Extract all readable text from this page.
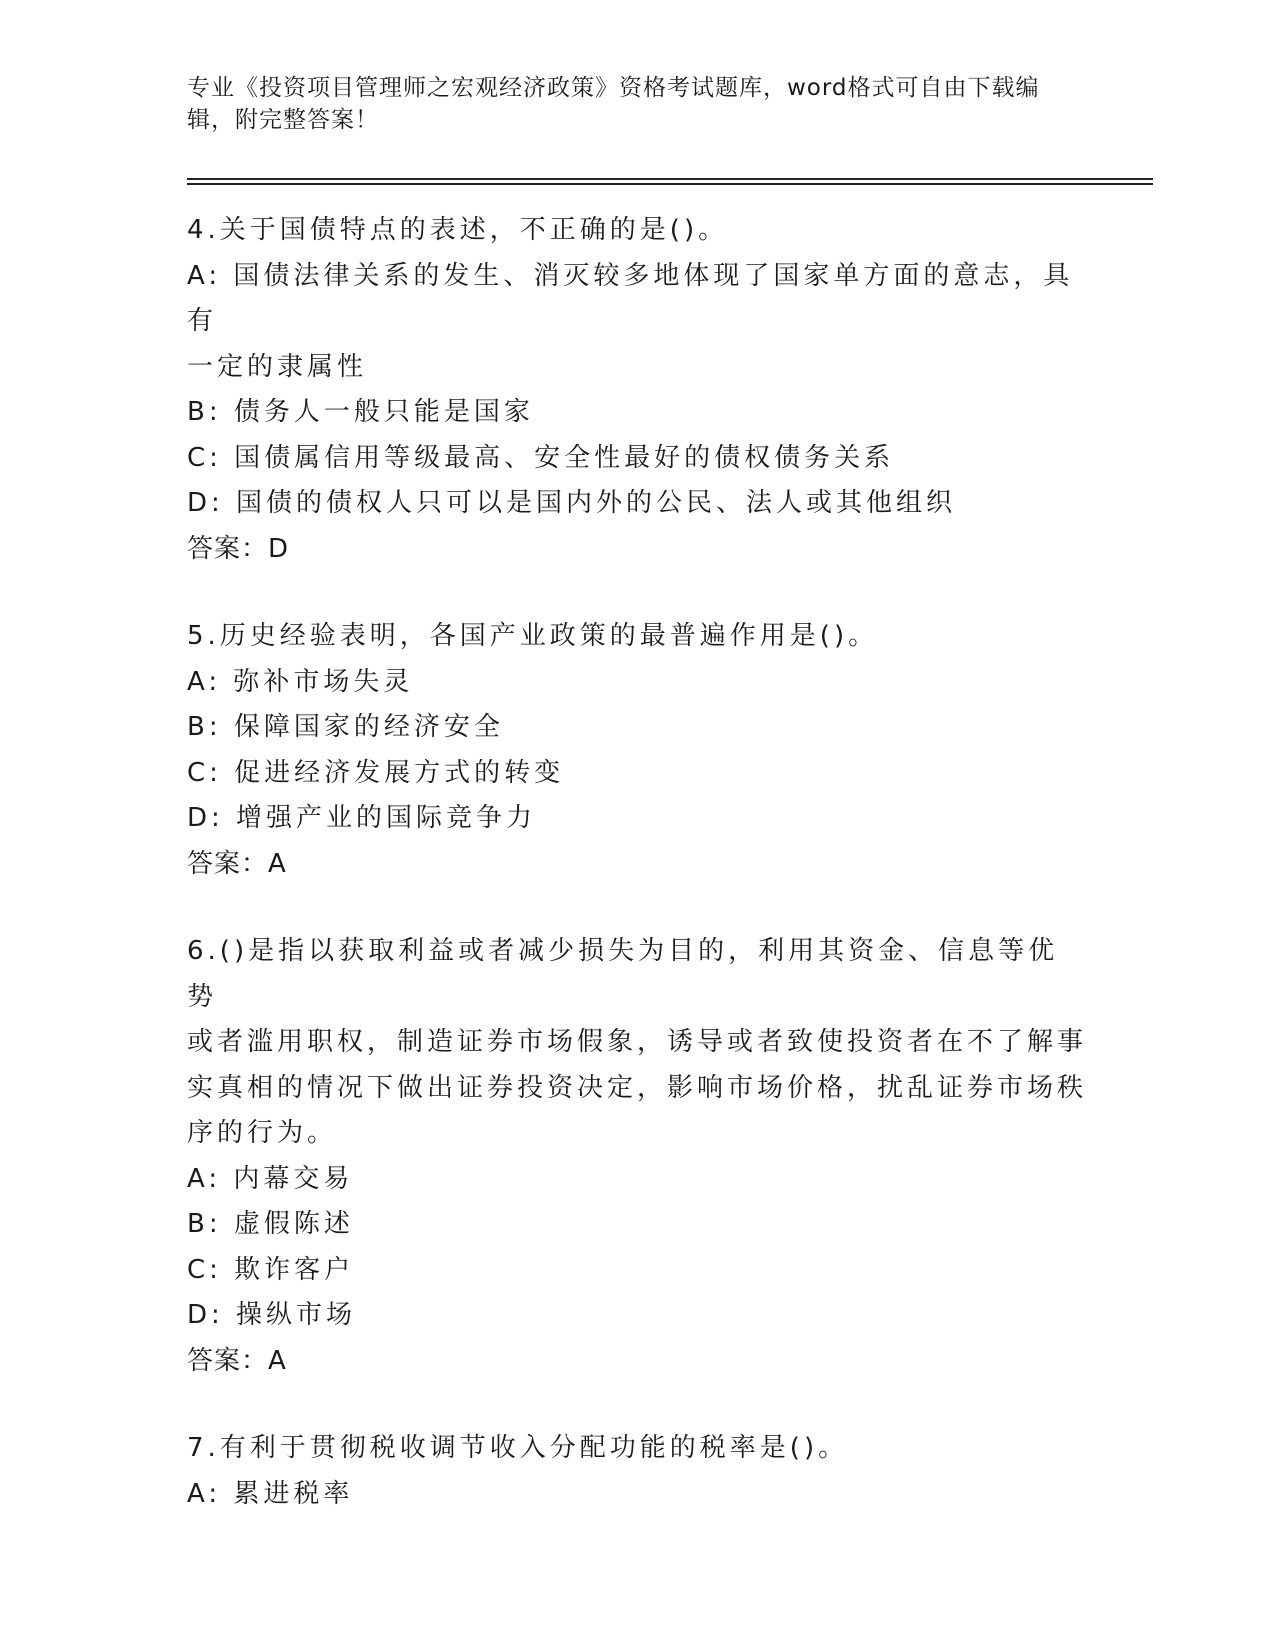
专业《投资项目管理师之宏观经济政策》资格考试题库，word格式可自由下载编
辑，附完整答案！
4.关于国债特点的表述，不正确的是()。
A: 国债法律关系的发生、消灭较多地体现了国家单方面的意志，具有
一定的隶属性
B: 债务人一般只能是国家
C: 国债属信用等级最高、安全性最好的债权债务关系
D: 国债的债权人只可以是国内外的公民、法人或其他组织
答案：D
5.历史经验表明，各国产业政策的最普遍作用是()。
A: 弥补市场失灵
B: 保障国家的经济安全
C: 促进经济发展方式的转变
D: 增强产业的国际竞争力
答案：A
6.()是指以获取利益或者减少损失为目的，利用其资金、信息等优势
或者滥用职权，制造证券市场假象，诱导或者致使投资者在不了解事
实真相的情况下做出证券投资决定，影响市场价格，扰乱证券市场秩
序的行为。
A: 内幕交易
B: 虚假陈述
C: 欺诈客户
D: 操纵市场
答案：A
7.有利于贯彻税收调节收入分配功能的税率是()。
A: 累进税率
